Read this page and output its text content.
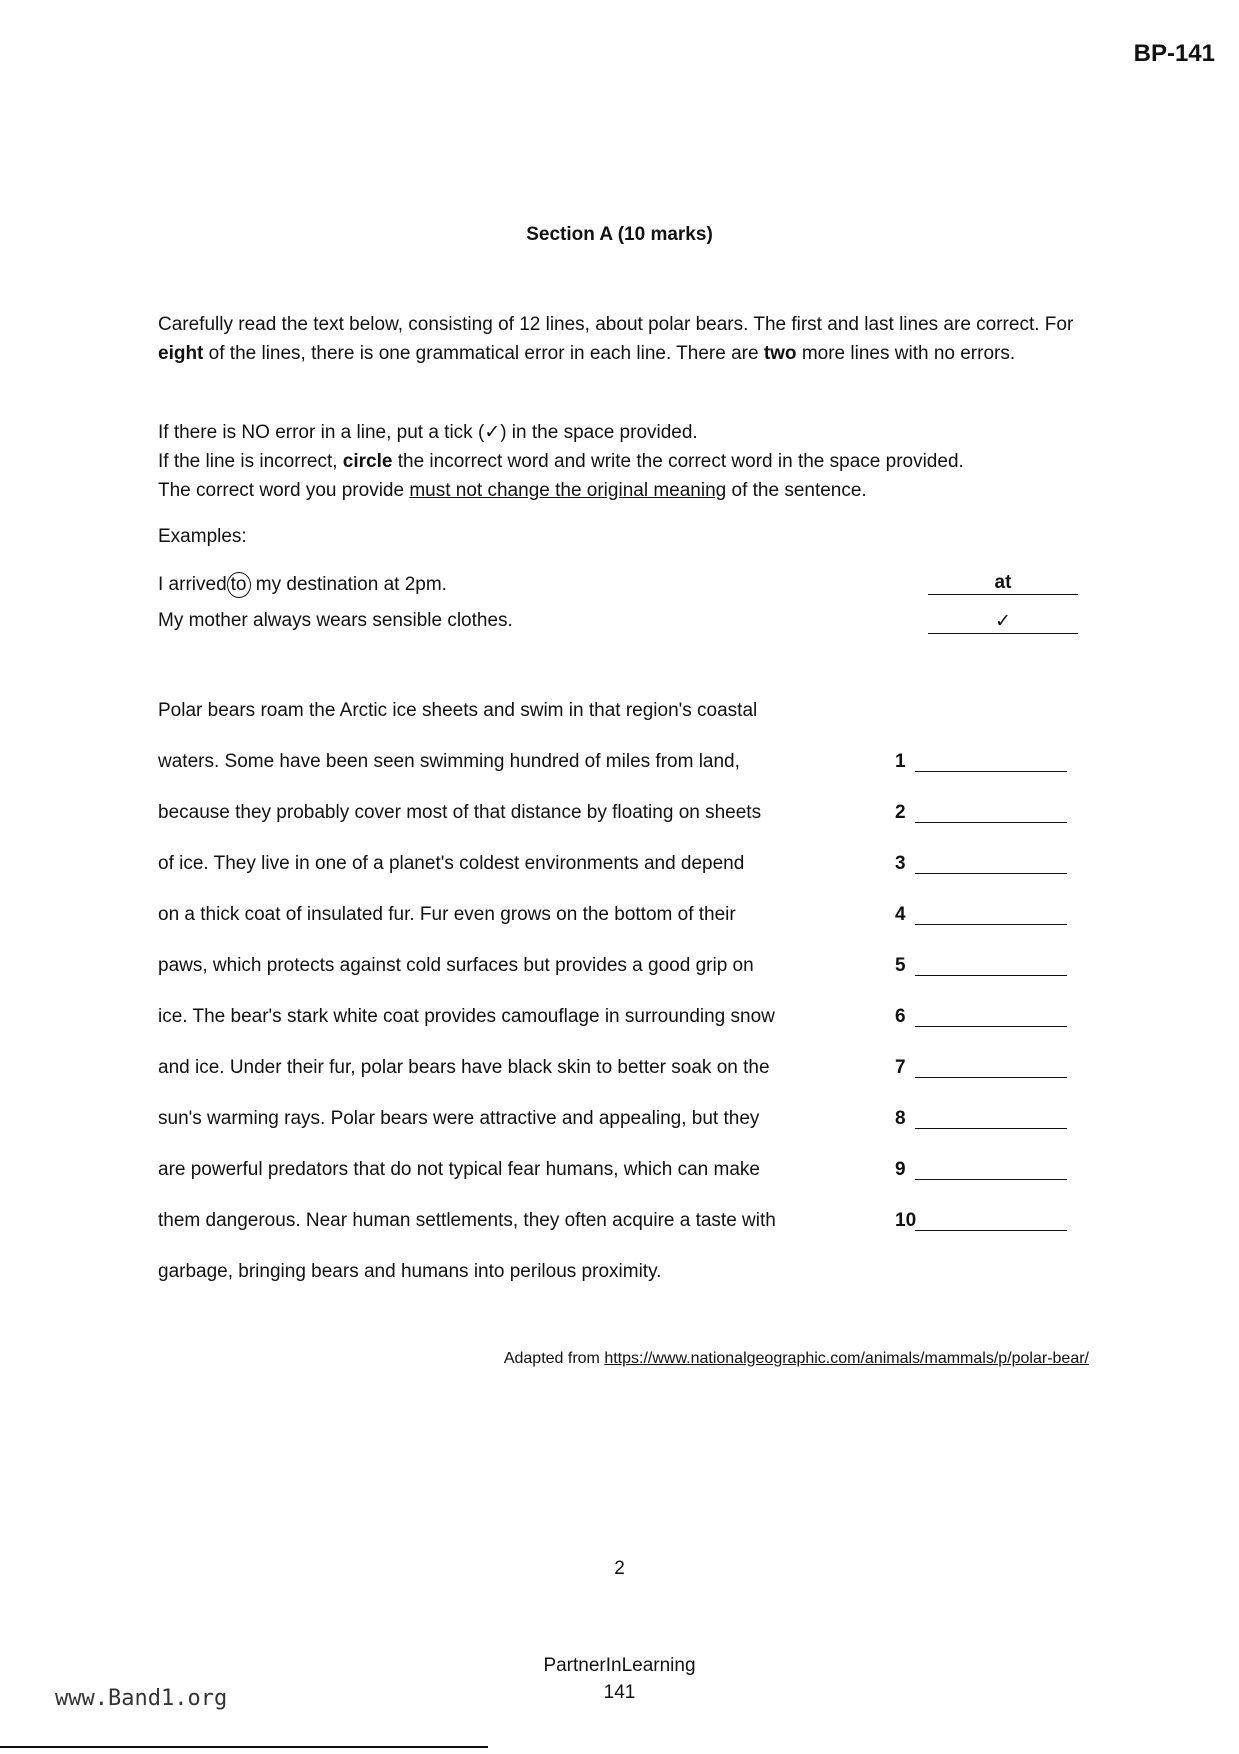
BP-141
Section A (10 marks)
Carefully read the text below, consisting of 12 lines, about polar bears. The first and last lines are correct. For eight of the lines, there is one grammatical error in each line. There are two more lines with no errors.
If there is NO error in a line, put a tick (✓) in the space provided.
If the line is incorrect, circle the incorrect word and write the correct word in the space provided.
The correct word you provide must not change the original meaning of the sentence.
Examples:
I arrived to my destination at 2pm.	at
My mother always wears sensible clothes.	✓
Polar bears roam the Arctic ice sheets and swim in that region's coastal
waters. Some have been seen swimming hundred of miles from land,	1
because they probably cover most of that distance by floating on sheets	2
of ice. They live in one of a planet's coldest environments and depend	3
on a thick coat of insulated fur. Fur even grows on the bottom of their	4
paws, which protects against cold surfaces but provides a good grip on	5
ice. The bear's stark white coat provides camouflage in surrounding snow	6
and ice. Under their fur, polar bears have black skin to better soak on the	7
sun's warming rays. Polar bears were attractive and appealing, but they	8
are powerful predators that do not typical fear humans, which can make	9
them dangerous. Near human settlements, they often acquire a taste with	10
garbage, bringing bears and humans into perilous proximity.
Adapted from https://www.nationalgeographic.com/animals/mammals/p/polar-bear/
2
PartnerInLearning
141
www.Band1.org
